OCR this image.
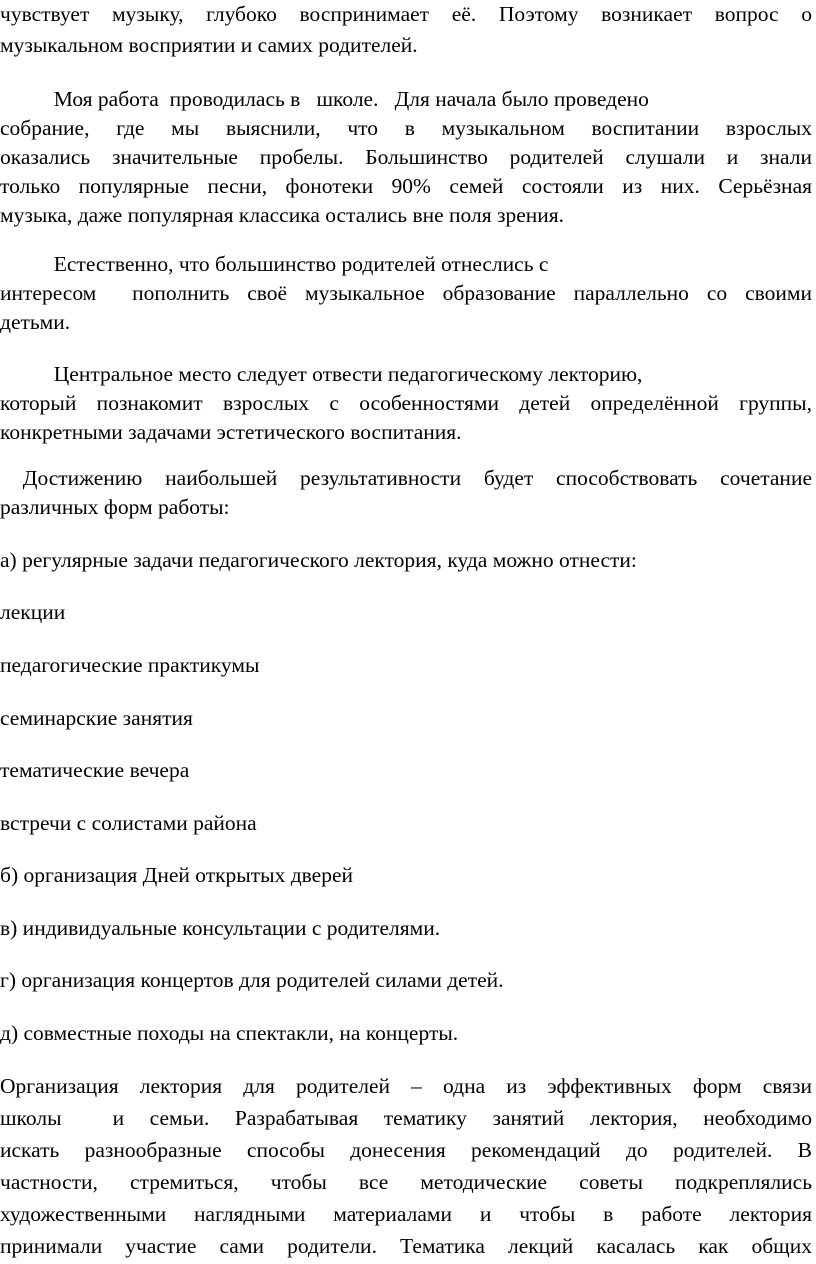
чувствует музыку, глубоко воспринимает её. Поэтому возникает вопрос о
музыкальном восприятии и самих родителей.
Моя работа  проводилась в   школе.   Для начала было проведено
собрание, где мы выяснили, что в музыкальном воспитании взрослых
оказались значительные пробелы. Большинство родителей слушали и знали
только популярные песни, фонотеки 90% семей состояли из них. Серьёзная
музыка, даже популярная классика остались вне поля зрения.
Естественно, что большинство родителей отнеслись с
интересом  пополнить своё музыкальное образование параллельно со своими
детьми.
Центральное место следует отвести педагогическому лекторию,
который познакомит взрослых с особенностями детей определённой группы,
конкретными задачами эстетического воспитания.
Достижению наибольшей результативности будет способствовать сочетание
различных форм работы:
а) регулярные задачи педагогического лектория, куда можно отнести:
лекции
педагогические практикумы
семинарские занятия
тематические вечера
встречи с солистами района
б) организация Дней открытых дверей
в) индивидуальные консультации с родителями.
г) организация концертов для родителей силами детей.
д) совместные походы на спектакли, на концерты.
Организация лектория для родителей – одна из эффективных форм связи
школы  и семьи. Разрабатывая тематику занятий лектория, необходимо
искать разнообразные способы донесения рекомендаций до родителей. В
частности, стремиться, чтобы все методические советы подкреплялись
художественными наглядными материалами и чтобы в работе лектория
принимали участие сами родители. Тематика лекций касалась как общих
